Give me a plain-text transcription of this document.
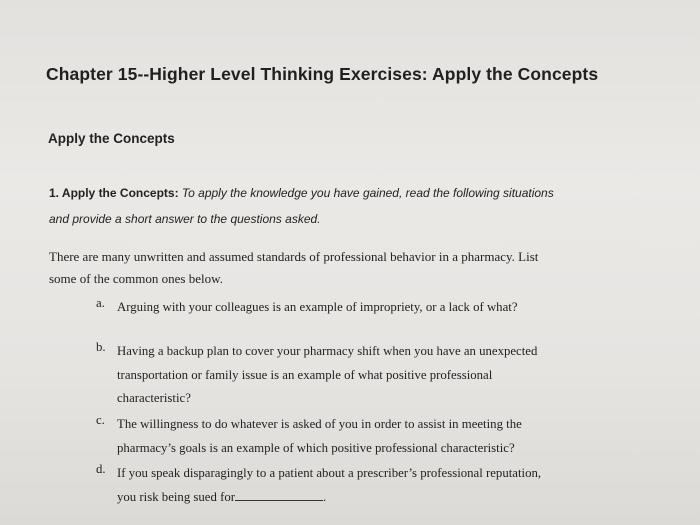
Chapter 15--Higher Level Thinking Exercises: Apply the Concepts
Apply the Concepts
1. Apply the Concepts: To apply the knowledge you have gained, read the following situations
and provide a short answer to the questions asked.
There are many unwritten and assumed standards of professional behavior in a pharmacy. List
some of the common ones below.
a. Arguing with your colleagues is an example of impropriety, or a lack of what?
b. Having a backup plan to cover your pharmacy shift when you have an unexpected
transportation or family issue is an example of what positive professional
characteristic?
c. The willingness to do whatever is asked of you in order to assist in meeting the
pharmacy’s goals is an example of which positive professional characteristic?
d. If you speak disparagingly to a patient about a prescriber’s professional reputation,
you risk being sued for	.
